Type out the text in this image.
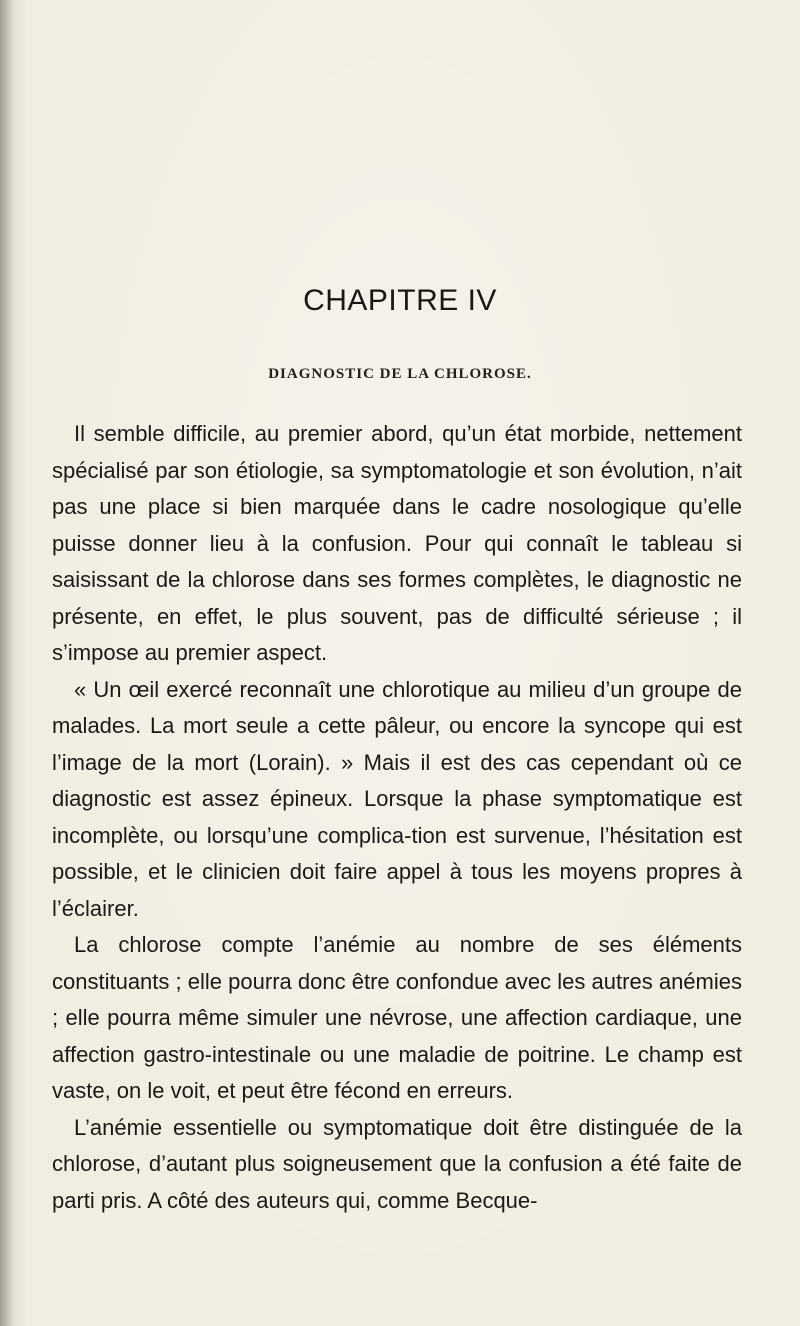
CHAPITRE IV
DIAGNOSTIC DE LA CHLOROSE.

Il semble difficile, au premier abord, qu’un état morbide, nettement spécialisé par son étiologie, sa symptomatologie et son évolution, n’ait pas une place si bien marquée dans le cadre nosologique qu’elle puisse donner lieu à la confusion. Pour qui connaît le tableau si saisissant de la chlorose dans ses formes complètes, le diagnostic ne présente, en effet, le plus souvent, pas de difficulté sérieuse ; il s’impose au premier aspect.

« Un œil exercé reconnaît une chlorotique au milieu d’un groupe de malades. La mort seule a cette pâleur, ou encore la syncope qui est l’image de la mort (Lorain). » Mais il est des cas cependant où ce diagnostic est assez épineux. Lorsque la phase symptomatique est incomplète, ou lorsqu’une complica-tion est survenue, l’hésitation est possible, et le clinicien doit faire appel à tous les moyens propres à l’éclairer.

La chlorose compte l’anémie au nombre de ses éléments constituants ; elle pourra donc être confondue avec les autres anémies ; elle pourra même simuler une névrose, une affection cardiaque, une affection gastro-intestinale ou une maladie de poitrine. Le champ est vaste, on le voit, et peut être fécond en erreurs.

L’anémie essentielle ou symptomatique doit être distinguée de la chlorose, d’autant plus soigneusement que la confusion a été faite de parti pris. A côté des auteurs qui, comme Becque-
